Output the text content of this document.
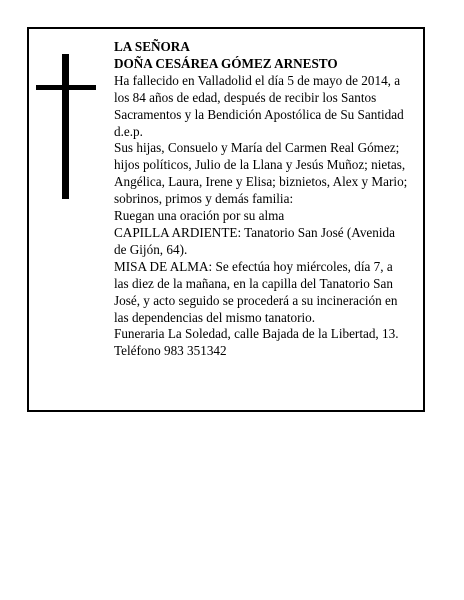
LA SEÑORA
DOÑA CESÁREA GÓMEZ ARNESTO
Ha fallecido en Valladolid el día 5 de mayo de 2014, a
los 84 años de edad, después de recibir los Santos
Sacramentos y la Bendición Apostólica de Su Santidad
d.e.p.
Sus hijas, Consuelo y María del Carmen Real Gómez;
hijos políticos, Julio de la Llana y Jesús Muñoz; nietas,
Angélica, Laura, Irene y Elisa; biznietos, Alex y Mario;
sobrinos, primos y demás familia:
Ruegan una oración por su alma
CAPILLA ARDIENTE: Tanatorio San José (Avenida
de Gijón, 64).
MISA DE ALMA: Se efectúa hoy miércoles, día 7, a
las diez de la mañana, en la capilla del Tanatorio San
José, y acto seguido se procederá a su incineración en
las dependencias del mismo tanatorio.
Funeraria La Soledad, calle Bajada de la Libertad, 13.
Teléfono 983 351342
